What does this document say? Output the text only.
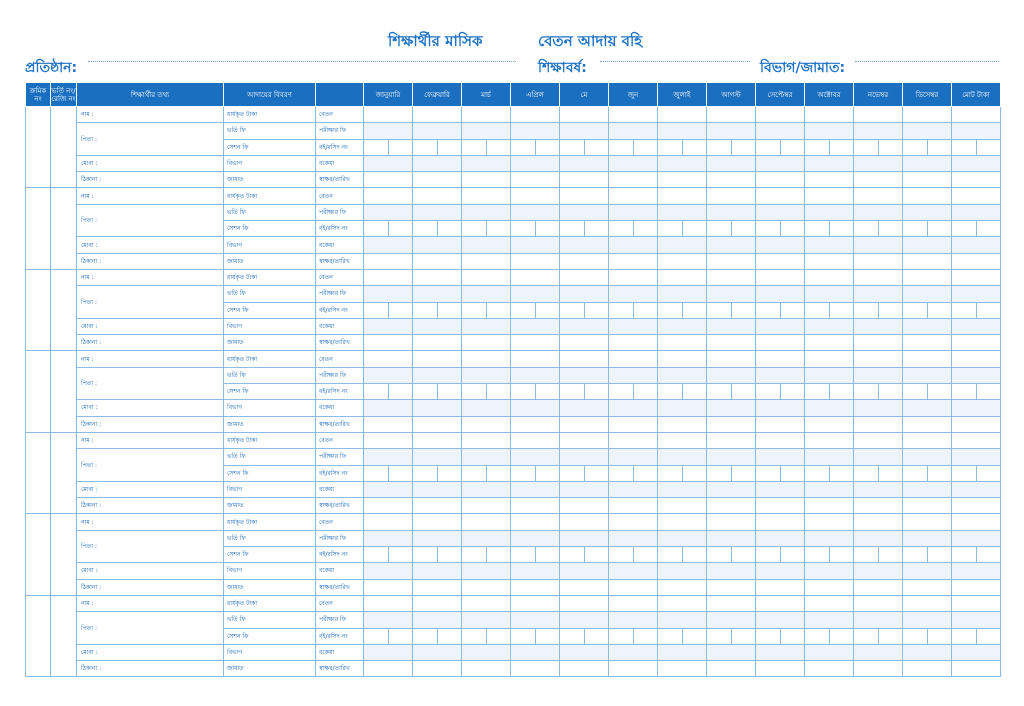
শিক্ষার্থীর মাসিক	বেতন আদায় বহি
প্রতিষ্ঠান:	শিক্ষাবর্ষ:	বিভাগ/জামাত:
ক্রমিক নং	ভর্তি নং/ রেজি নং	শিক্ষার্থীর তথ্য	আদায়ের বিবরণ		জানুয়ারি	ফেব্রুয়ারি	মার্চ	এপ্রিল	মে	জুন	জুলাই	আগস্ট	সেপ্টেম্বর	অক্টোবর	নভেম্বর	ডিসেম্বর	মোট টাকা
		নাম :	ধার্যকৃত টাকা	বেতন													
		পিতা :	ভর্তি ফি	পরীক্ষার ফি													
			সেশন ফি	বই/রসিদ নং	

		মোবা :	বিভাগ	বকেয়া													
		ঠিকানা :	জামাত	স্বাক্ষর/তারিখ													
		নাম :	ধার্যকৃত টাকা	বেতন													
		পিতা :	ভর্তি ফি	পরীক্ষার ফি													
			সেশন ফি	বই/রসিদ নং	

		মোবা :	বিভাগ	বকেয়া													
		ঠিকানা :	জামাত	স্বাক্ষর/তারিখ													
		নাম :	ধার্যকৃত টাকা	বেতন													
		পিতা :	ভর্তি ফি	পরীক্ষার ফি													
			সেশন ফি	বই/রসিদ নং	

		মোবা :	বিভাগ	বকেয়া													
		ঠিকানা :	জামাত	স্বাক্ষর/তারিখ													
		নাম :	ধার্যকৃত টাকা	বেতন													
		পিতা :	ভর্তি ফি	পরীক্ষার ফি													
			সেশন ফি	বই/রসিদ নং	

		মোবা :	বিভাগ	বকেয়া													
		ঠিকানা :	জামাত	স্বাক্ষর/তারিখ													
		নাম :	ধার্যকৃত টাকা	বেতন													
		পিতা :	ভর্তি ফি	পরীক্ষার ফি													
			সেশন ফি	বই/রসিদ নং	

		মোবা :	বিভাগ	বকেয়া													
		ঠিকানা :	জামাত	স্বাক্ষর/তারিখ													
		নাম :	ধার্যকৃত টাকা	বেতন													
		পিতা :	ভর্তি ফি	পরীক্ষার ফি													
			সেশন ফি	বই/রসিদ নং	

		মোবা :	বিভাগ	বকেয়া													
		ঠিকানা :	জামাত	স্বাক্ষর/তারিখ													
		নাম :	ধার্যকৃত টাকা	বেতন													
		পিতা :	ভর্তি ফি	পরীক্ষার ফি													
			সেশন ফি	বই/রসিদ নং	

		মোবা :	বিভাগ	বকেয়া													
		ঠিকানা :	জামাত	স্বাক্ষর/তারিখ													
